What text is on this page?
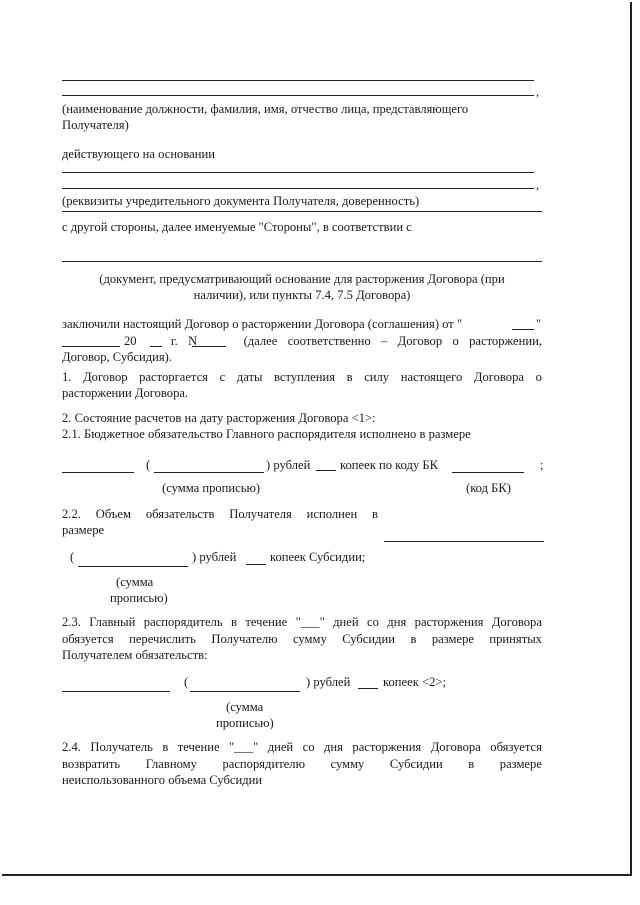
,
(наименование должности, фамилия, имя, отчество лица, представляющего
Получателя)
действующего на основании
,
(реквизиты учредительного документа Получателя, доверенность)
с другой стороны, далее именуемые "Стороны", в соответствии с
(документ, предусматривающий основание для расторжения Договора (при
наличии), или пункты 7.4, 7.5 Договора)
заключили настоящий Договор о расторжении Договора (соглашения) от "	"
20	г. N	(далее соответственно – Договор о расторжении,
Договор, Субсидия).
1. Договор расторгается с даты вступления в силу настоящего Договора о
расторжении Договора.
2. Состояние расчетов на дату расторжения Договора <1>:
2.1. Бюджетное обязательство Главного распорядителя исполнено в размере
(	) рублей копеек по коду БК	;
(сумма прописью)	(код БК)
2.2. Объем обязательств Получателя исполнен в
размере
(	) рублей	копеек Субсидии;
(сумма
прописью)
2.3. Главный распорядитель в течение "___" дней со дня расторжения Договора
обязуется перечислить Получателю сумму Субсидии в размере принятых
Получателем обязательств:
(	) рублей	копеек <2>;
(сумма
прописью)
2.4. Получатель в течение "___" дней со дня расторжения Договора обязуется
возвратить Главному распорядителю сумму Субсидии в размере
неиспользованного объема Субсидии
